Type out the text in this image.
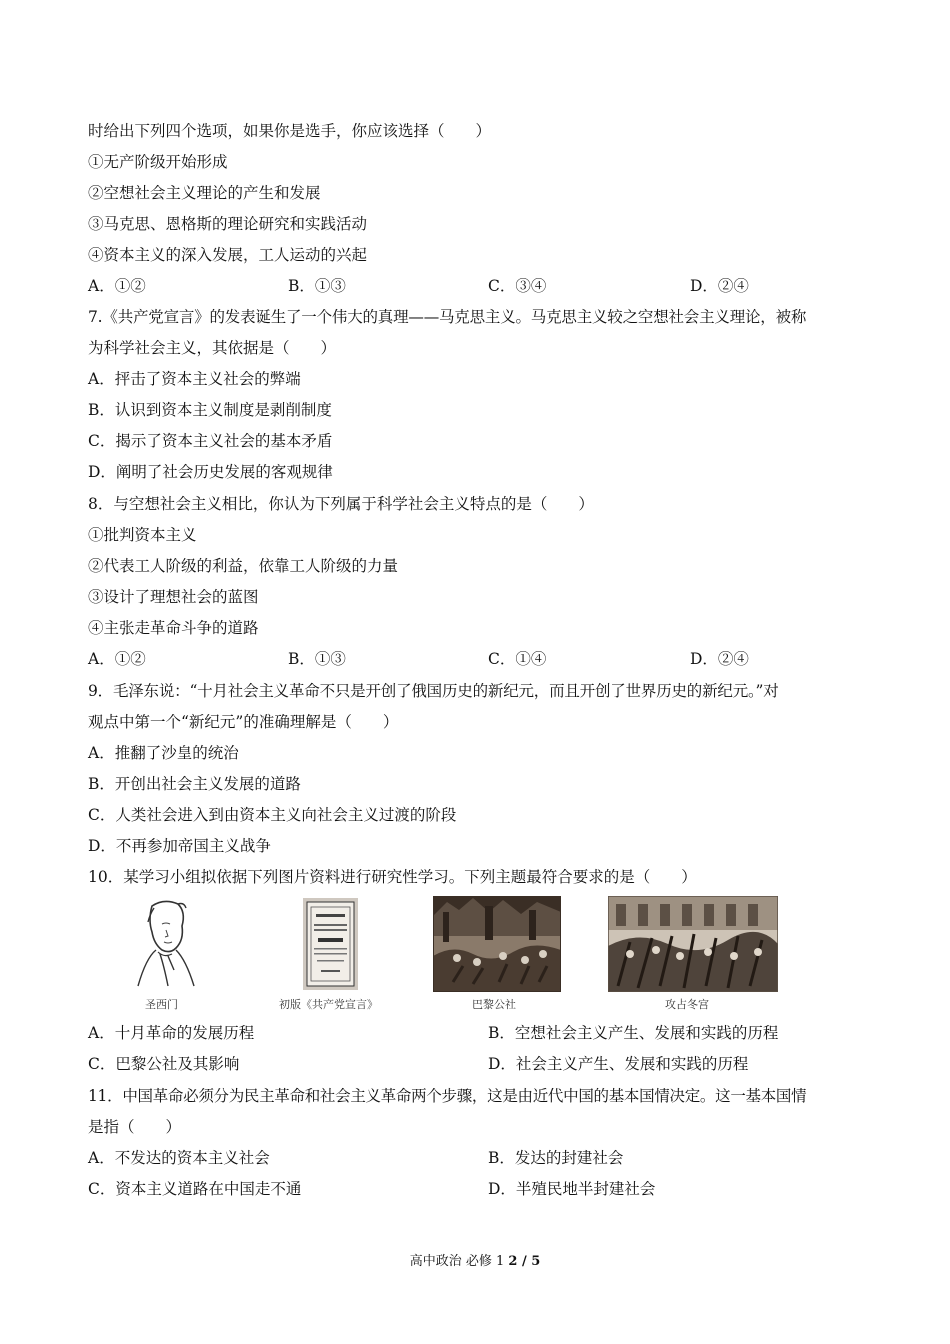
时给出下列四个选项，如果你是选手，你应该选择（　　）
①无产阶级开始形成
②空想社会主义理论的产生和发展
③马克思、恩格斯的理论研究和实践活动
④资本主义的深入发展，工人运动的兴起
A．①②	B．①③	C．③④	D．②④
7.《共产党宣言》的发表诞生了一个伟大的真理——马克思主义。马克思主义较之空想社会主义理论，被称
为科学社会主义，其依据是（　　）
A．抨击了资本主义社会的弊端
B．认识到资本主义制度是剥削制度
C．揭示了资本主义社会的基本矛盾
D．阐明了社会历史发展的客观规律
8．与空想社会主义相比，你认为下列属于科学社会主义特点的是（　　）
①批判资本主义
②代表工人阶级的利益，依靠工人阶级的力量
③设计了理想社会的蓝图
④主张走革命斗争的道路
A．①②	B．①③	C．①④	D．②④
9．毛泽东说：“十月社会主义革命不只是开创了俄国历史的新纪元，而且开创了世界历史的新纪元。”对
观点中第一个“新纪元”的准确理解是（　　）
A．推翻了沙皇的统治
B．开创出社会主义发展的道路
C．人类社会进入到由资本主义向社会主义过渡的阶段
D．不再参加帝国主义战争
10．某学习小组拟依据下列图片资料进行研究性学习。下列主题最符合要求的是（　　）
圣西门	初版《共产党宣言》	巴黎公社	攻占冬宫
A．十月革命的发展历程	B．空想社会主义产生、发展和实践的历程
C．巴黎公社及其影响	D．社会主义产生、发展和实践的历程
11．中国革命必须分为民主革命和社会主义革命两个步骤，这是由近代中国的基本国情决定。这一基本国情
是指（　　）
A．不发达的资本主义社会	B．发达的封建社会
C．资本主义道路在中国走不通	D．半殖民地半封建社会
高中政治 必修 1 2 / 5
